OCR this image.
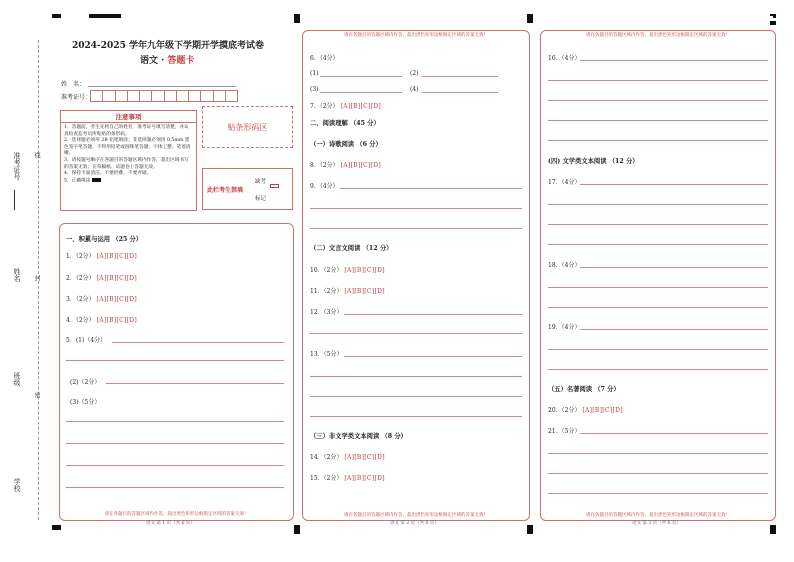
准考证号 线
姓名 封
班级
密
学校
2024-2025 学年九年级下学期开学摸底考试卷
语文 · 答题卡
姓　名：
准考证号：
注意事项
1．答题前，考生先将自己的姓名、准考证号填写清楚，并认真检查监考员所粘贴的条形码。
2．选择题必须用 2B 铅笔填涂；非选择题必须用 0.5mm 黑色签字笔答题，不得用铅笔或圆珠笔答题；字体工整、笔迹清晰。
3．请按题号顺序在各题目的答题区域内作答，超出区域书写的答案无效；在草稿纸、试题卷上答题无效。
4．保持卡面清洁，不要折叠、不要弄破。
5．正确填涂
贴条形码区
此栏考生禁填
缺考
标记
请在各题目的答题区域内作答，超出黑色矩形边框限定区域的答案无效！
一、积累与运用 （25 分）
1．（2分） [A][B][C][D]
2．（2分） [A][B][C][D]
3．（2分） [A][B][C][D]
4．（2分） [A][B][C][D]
5．(1)（4分）
(2)（2分）
(3)（5分）
请在各题目的答题区域内作答，超出黑色矩形边框限定区域的答案无效！
请在各题目的答题区域内作答，超出黑色矩形边框限定区域的答案无效！
6．（4分）
(1)	(2)
(3)	(4)
7．（2分） [A][B][C][D]
二、阅读理解 （45 分）
（一）诗歌阅读 （6 分）
8．（2分） [A][B][C][D]
9．（4分）
（二）文言文阅读 （12 分）
10．（2分） [A][B][C][D]
11．（2分） [A][B][C][D]
12．（3分）
13．（5分）
（三）非文学类文本阅读 （8 分）
14．（2分） [A][B][C][D]
15．（2分） [A][B][C][D]
请在各题目的答题区域内作答，超出黑色矩形边框限定区域的答案无效！
请在各题目的答题区域内作答，超出黑色矩形边框限定区域的答案无效！
16．（4分）
(四) 文学类文本阅读 （12 分）
17．（4分）
18．（4分）
19．（4分）
（五）名著阅读 （7 分）
20．（2分） [A][B][C][D]
21．（5分）
语文 第 1 页（共 6 页）	语文 第 2 页（共 6 页）	语文 第 3 页（共 6 页）
